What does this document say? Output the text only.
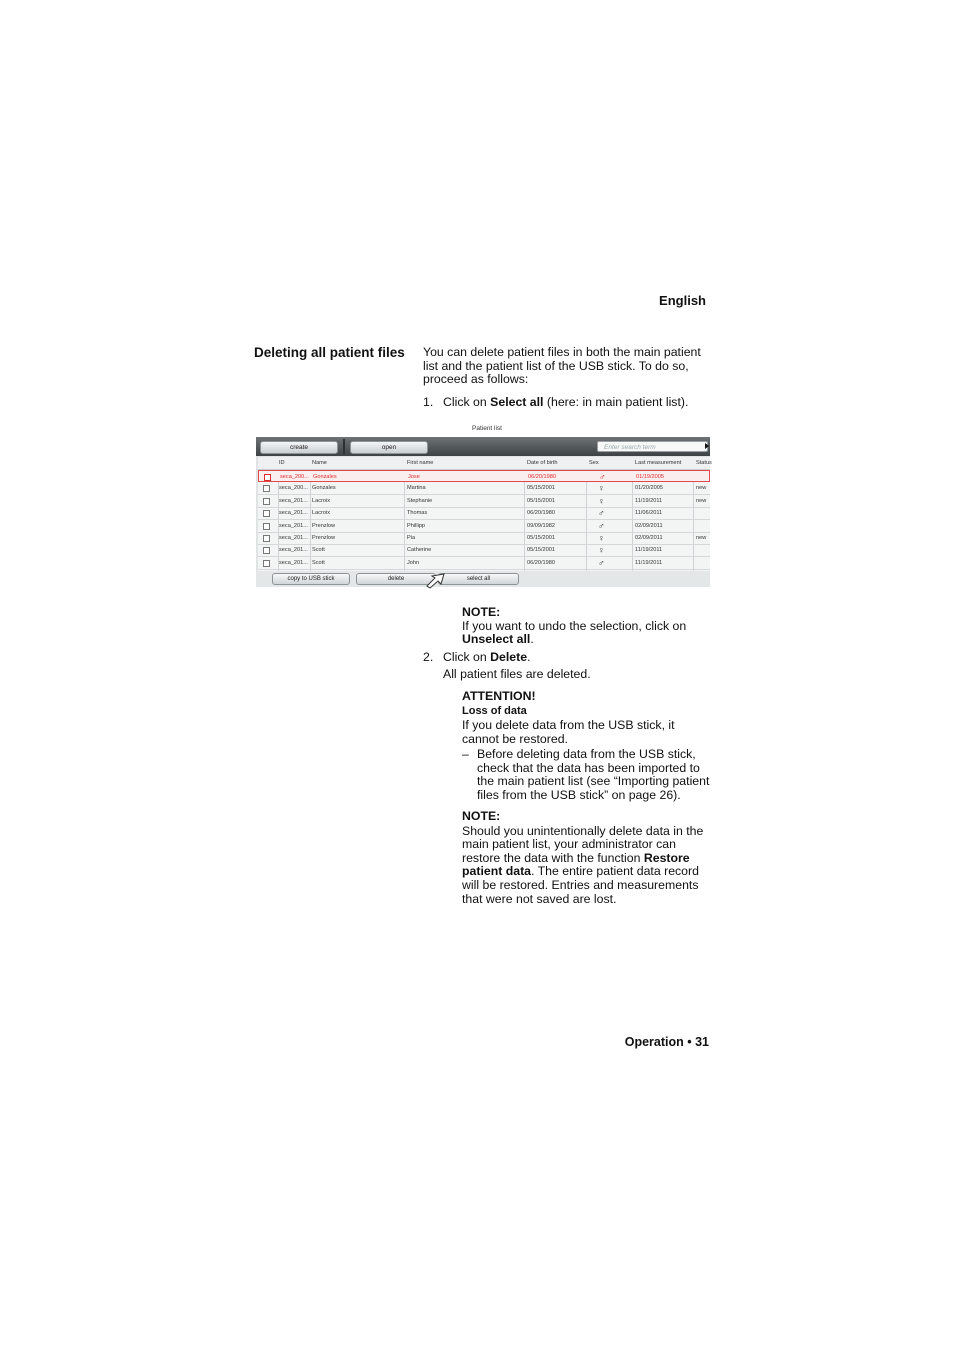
English
Deleting all patient files You can delete patient files in both the main patient list and the patient list of the USB stick. To do so, proceed as follows:
1. Click on Select all (here: in main patient list).
Patient list
create	open	Enter search term
ID	Name	First name	Date of birth	Sex	Last measurement	Status
seca_200... Gonzales	Jose	06/20/1980	♂	01/19/2005
seca_200... Gonzales	Martina	05/15/2001	♀	01/20/2005	new
seca_201... Lacroix	Stephanie	05/15/2001	♀	11/19/2011	new
seca_201... Lacroix	Thomas	06/20/1980	♂	11/06/2011
seca_201... Prenzlow	Phillipp	09/09/1982	♂	02/09/2011
seca_201... Prenzlow	Pia	05/15/2001	♀	02/09/2011	new
seca_201... Scott	Catherine	05/15/2001	♀	11/19/2011
seca_201... Scott	John	06/20/1980	♂	11/19/2011
copy to USB stick	delete	select all
NOTE:
If you want to undo the selection, click on Unselect all.
2. Click on Delete.
All patient files are deleted.
ATTENTION!
Loss of data
If you delete data from the USB stick, it cannot be restored.
– Before deleting data from the USB stick, check that the data has been imported to the main patient list (see “Importing patient files from the USB stick” on page 26).
NOTE:
Should you unintentionally delete data in the main patient list, your administrator can restore the data with the function Restore patient data. The entire patient data record will be restored. Entries and measurements that were not saved are lost.
Operation • 31
